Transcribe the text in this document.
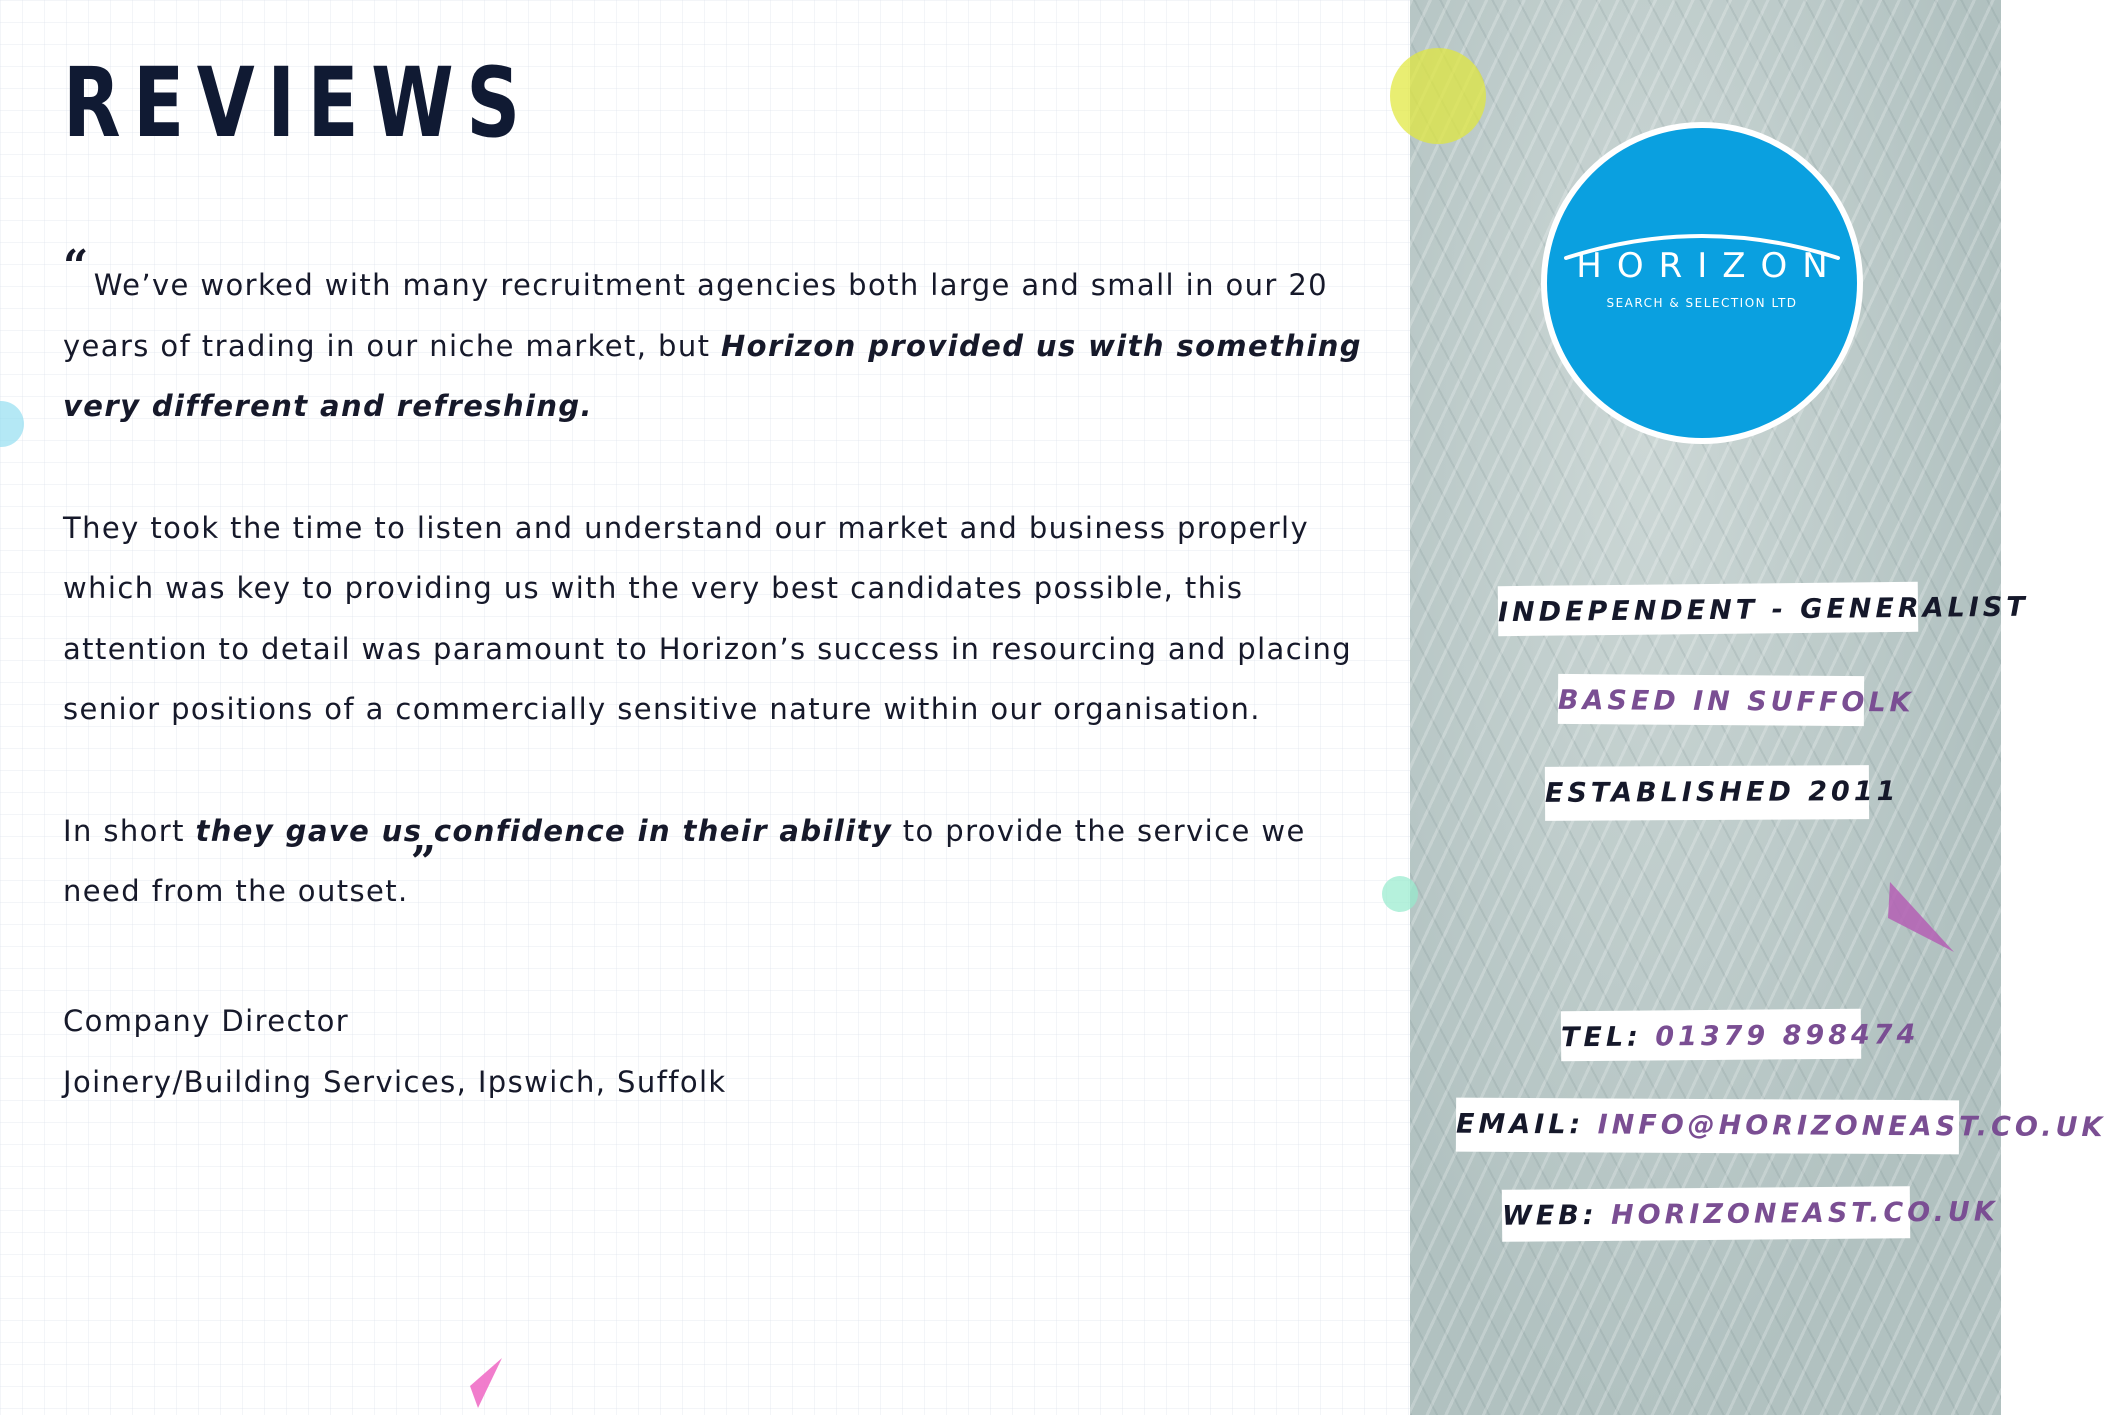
REVIEWS

“ We’ve worked with many recruitment agencies both large and small in our 20 years of trading in our niche market, but Horizon provided us with something very different and refreshing.

They took the time to listen and understand our market and business properly which was key to providing us with the very best candidates possible, this attention to detail was paramount to Horizon’s success in resourcing and placing senior positions of a commercially sensitive nature within our organisation.

In short they gave us confidence in their ability to provide the service we need from the outset.”

Company Director
Joinery/Building Services, Ipswich, Suffolk
HORIZON
SEARCH & SELECTION LTD
INDEPENDENT - GENERALIST
BASED IN SUFFOLK
ESTABLISHED 2011
TEL: 01379 898474
EMAIL: INFO@HORIZONEAST.CO.UK
WEB: HORIZONEAST.CO.UK
